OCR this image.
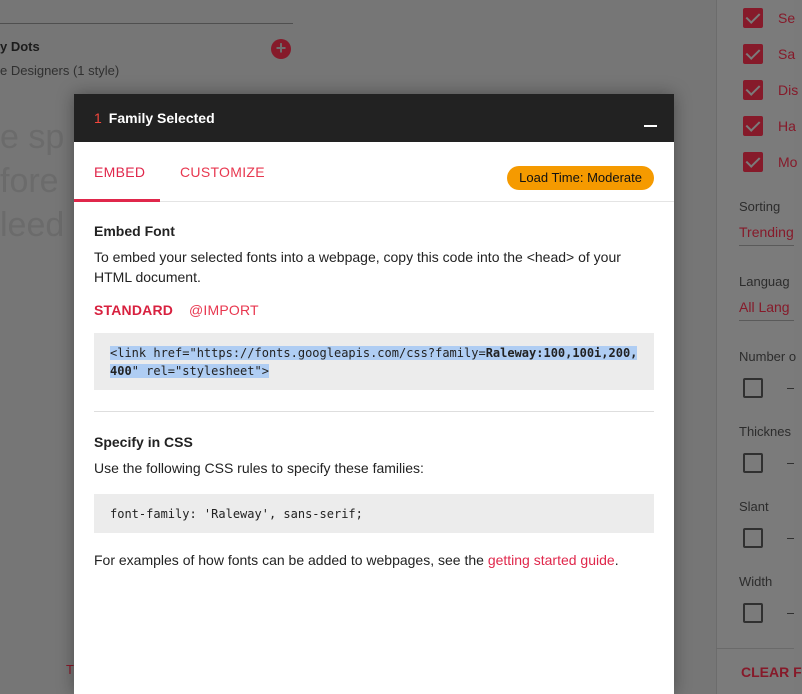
y Dots
e Designers (1 style)
+
e sp
fore
leed
T
Se
Sa
Dis
Ha
Mo
Sorting
Trending
Languag
All Lang
Number o
Thicknes
Slant
Width
CLEAR F
1 Family Selected
EMBED CUSTOMIZE	Load Time: Moderate
Embed Font
To embed your selected fonts into a webpage, copy this code into the <head> of your HTML document.
STANDARD @IMPORT
<link href="https://fonts.googleapis.com/css?family=Raleway:100,100i,200,
400" rel="stylesheet">
Specify in CSS
Use the following CSS rules to specify these families:
font-family: 'Raleway', sans-serif;
For examples of how fonts can be added to webpages, see the getting started guide.
